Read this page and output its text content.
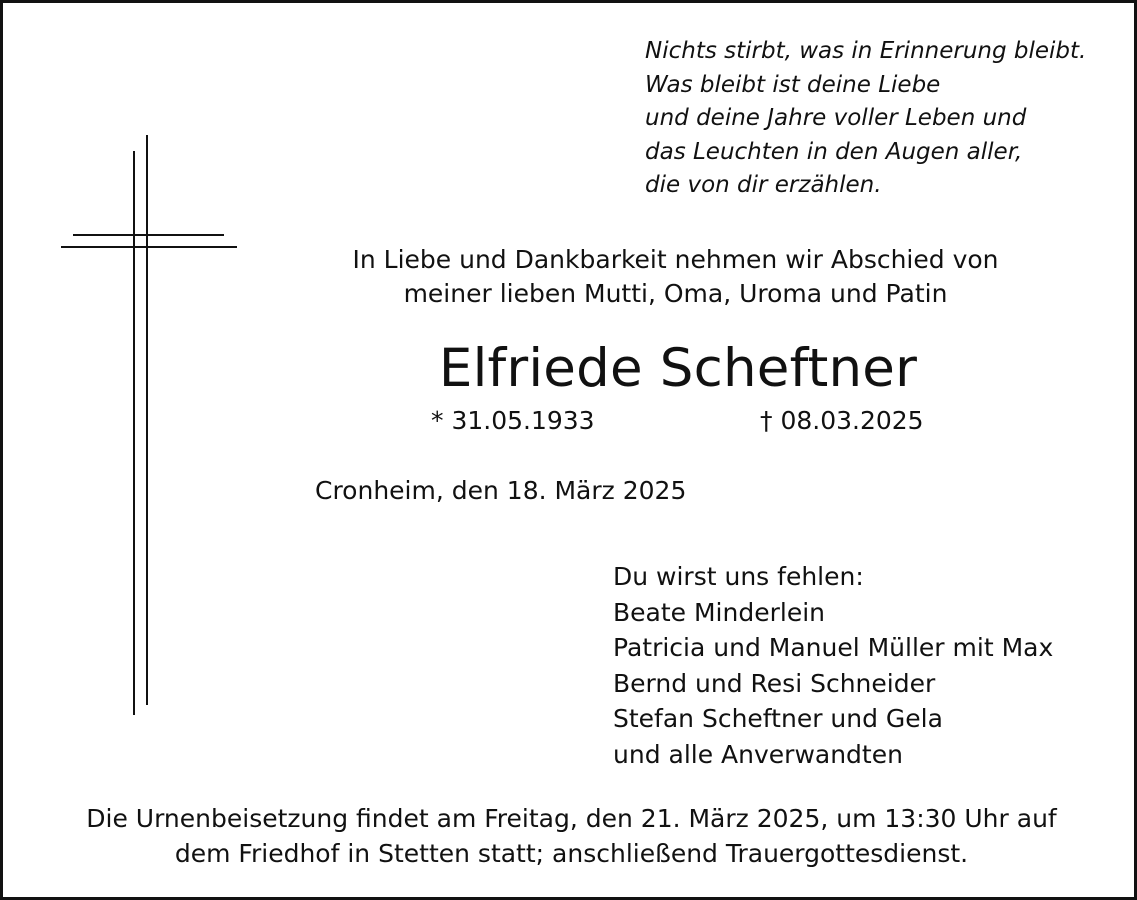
Nichts stirbt, was in Erinnerung bleibt.
Was bleibt ist deine Liebe
und deine Jahre voller Leben und
das Leuchten in den Augen aller,
die von dir erzählen.
In Liebe und Dankbarkeit nehmen wir Abschied von
meiner lieben Mutti, Oma, Uroma und Patin
Elfriede Scheftner
* 31.05.1933	† 08.03.2025
Cronheim, den 18. März 2025
Du wirst uns fehlen:
Beate Minderlein
Patricia und Manuel Müller mit Max
Bernd und Resi Schneider
Stefan Scheftner und Gela
und alle Anverwandten
Die Urnenbeisetzung findet am Freitag, den 21. März 2025, um 13:30 Uhr auf
dem Friedhof in Stetten statt; anschließend Trauergottesdienst.
